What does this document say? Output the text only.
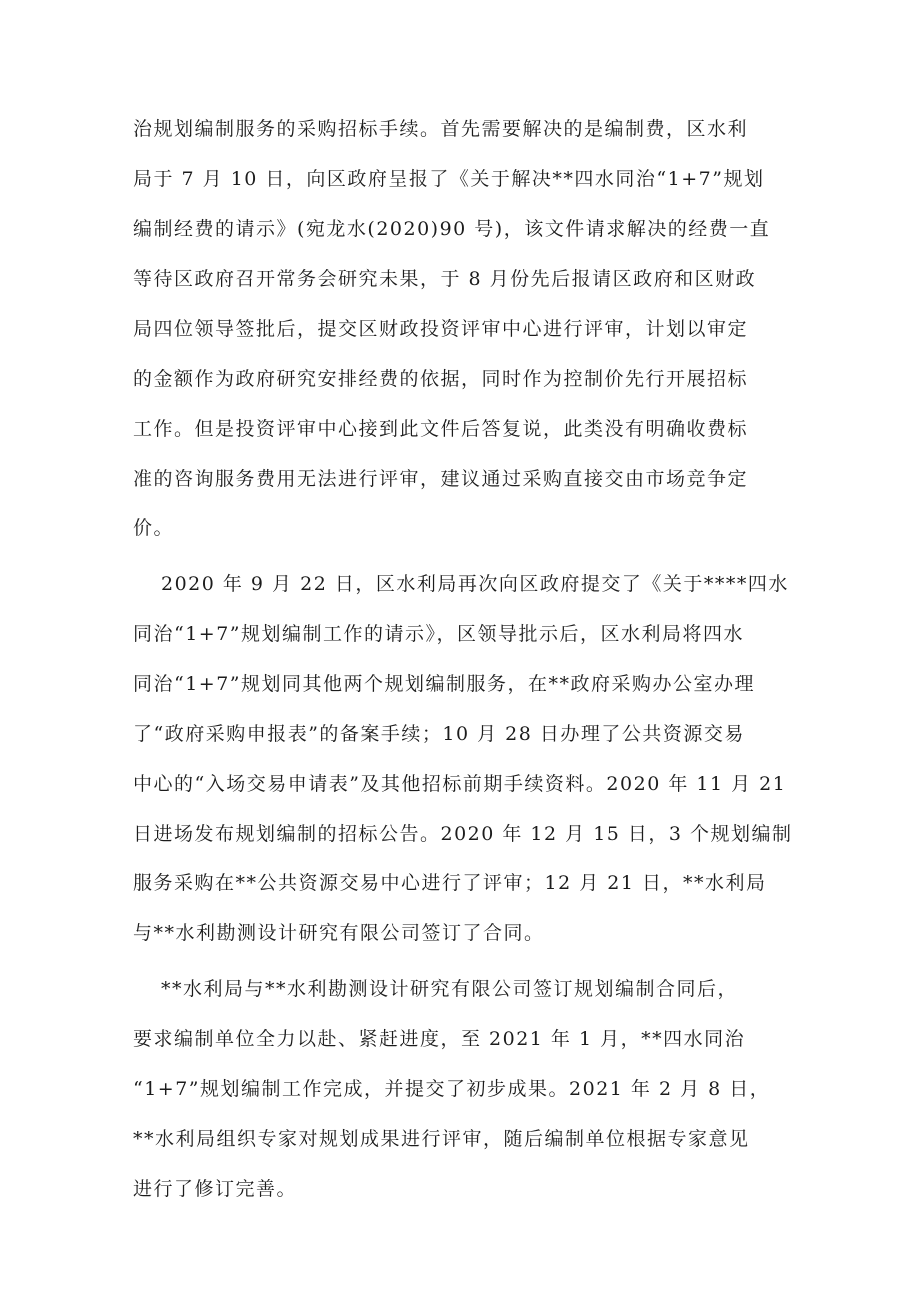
治规划编制服务的采购招标手续。首先需要解决的是编制费，区水利
局于 7 月 10 日，向区政府呈报了《关于解决**四水同治“1+7”规划
编制经费的请示》(宛龙水(2020)90 号)，该文件请求解决的经费一直
等待区政府召开常务会研究未果，于 8 月份先后报请区政府和区财政
局四位领导签批后，提交区财政投资评审中心进行评审，计划以审定
的金额作为政府研究安排经费的依据，同时作为控制价先行开展招标
工作。但是投资评审中心接到此文件后答复说，此类没有明确收费标
准的咨询服务费用无法进行评审，建议通过采购直接交由市场竞争定
价。
2020 年 9 月 22 日，区水利局再次向区政府提交了《关于****四水
同治“1+7”规划编制工作的请示》，区领导批示后，区水利局将四水
同治“1+7”规划同其他两个规划编制服务，在**政府采购办公室办理
了“政府采购申报表”的备案手续；10 月 28 日办理了公共资源交易
中心的“入场交易申请表”及其他招标前期手续资料。2020 年 11 月 21
日进场发布规划编制的招标公告。2020 年 12 月 15 日，3 个规划编制
服务采购在**公共资源交易中心进行了评审；12 月 21 日，**水利局
与**水利勘测设计研究有限公司签订了合同。
**水利局与**水利勘测设计研究有限公司签订规划编制合同后，
要求编制单位全力以赴、紧赶进度，至 2021 年 1 月，**四水同治
“1+7”规划编制工作完成，并提交了初步成果。2021 年 2 月 8 日，
**水利局组织专家对规划成果进行评审，随后编制单位根据专家意见
进行了修订完善。
